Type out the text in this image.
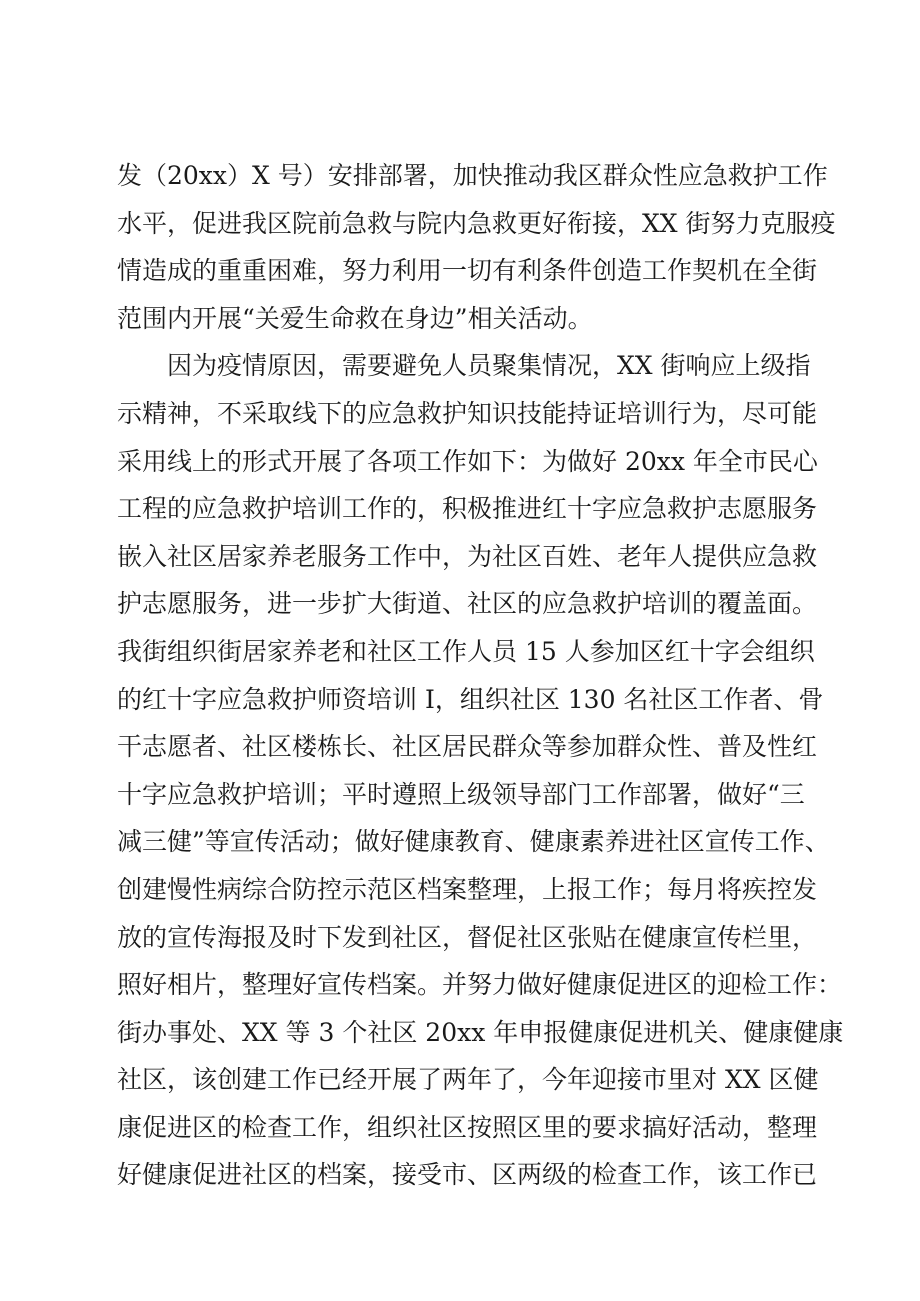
发（20xx）X 号）安排部署，加快推动我区群众性应急救护工作
水平，促进我区院前急救与院内急救更好衔接，XX 街努力克服疫
情造成的重重困难，努力利用一切有利条件创造工作契机在全街
范围内开展“关爱生命救在身边”相关活动。
因为疫情原因，需要避免人员聚集情况，XX 街响应上级指
示精神，不采取线下的应急救护知识技能持证培训行为，尽可能
采用线上的形式开展了各项工作如下：为做好 20xx 年全市民心
工程的应急救护培训工作的，积极推进红十字应急救护志愿服务
嵌入社区居家养老服务工作中，为社区百姓、老年人提供应急救
护志愿服务，进一步扩大街道、社区的应急救护培训的覆盖面。
我街组织街居家养老和社区工作人员 15 人参加区红十字会组织
的红十字应急救护师资培训 I，组织社区 130 名社区工作者、骨
干志愿者、社区楼栋长、社区居民群众等参加群众性、普及性红
十字应急救护培训；平时遵照上级领导部门工作部署，做好“三
减三健”等宣传活动；做好健康教育、健康素养进社区宣传工作、
创建慢性病综合防控示范区档案整理，上报工作；每月将疾控发
放的宣传海报及时下发到社区，督促社区张贴在健康宣传栏里，
照好相片，整理好宣传档案。并努力做好健康促进区的迎检工作：
街办事处、XX 等 3 个社区 20xx 年申报健康促进机关、健康健康
社区，该创建工作已经开展了两年了，今年迎接市里对 XX 区健
康促进区的检查工作，组织社区按照区里的要求搞好活动，整理
好健康促进社区的档案，接受市、区两级的检查工作，该工作已
